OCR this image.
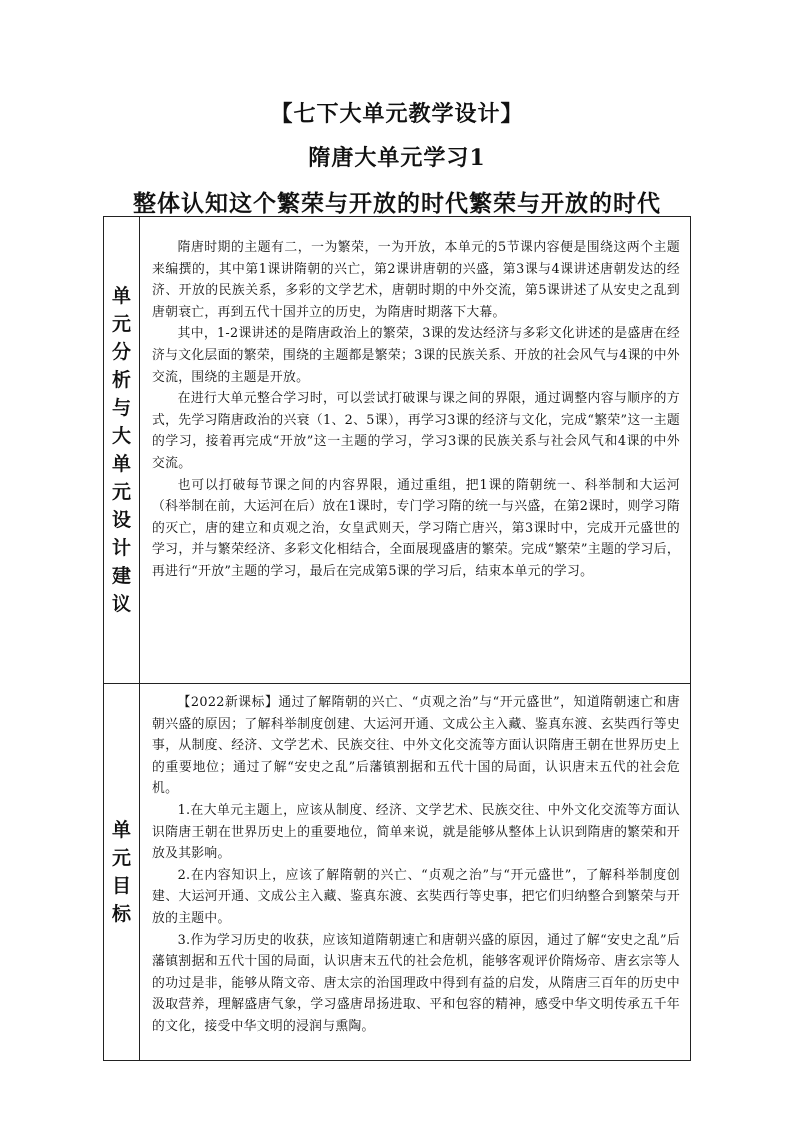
【七下大单元教学设计】
隋唐大单元学习1
整体认知这个繁荣与开放的时代繁荣与开放的时代
单元分析与大单元设计建议	隋唐时期的主题有二，一为繁荣，一为开放，本单元的5节课内容便是围绕这两个主题来编撰的，其中第1课讲隋朝的兴亡，第2课讲唐朝的兴盛，第3课与4课讲述唐朝发达的经济、开放的民族关系，多彩的文学艺术，唐朝时期的中外交流，第5课讲述了从安史之乱到唐朝衰亡，再到五代十国并立的历史，为隋唐时期落下大幕。

其中，1-2课讲述的是隋唐政治上的繁荣，3课的发达经济与多彩文化讲述的是盛唐在经济与文化层面的繁荣，围绕的主题都是繁荣；3课的民族关系、开放的社会风气与4课的中外交流，围绕的主题是开放。

在进行大单元整合学习时，可以尝试打破课与课之间的界限，通过调整内容与顺序的方式，先学习隋唐政治的兴衰（1、2、5课），再学习3课的经济与文化，完成“繁荣”这一主题的学习，接着再完成“开放”这一主题的学习，学习3课的民族关系与社会风气和4课的中外交流。

也可以打破每节课之间的内容界限，通过重组，把1课的隋朝统一、科举制和大运河（科举制在前，大运河在后）放在1课时，专门学习隋的统一与兴盛，在第2课时，则学习隋的灭亡，唐的建立和贞观之治，女皇武则天，学习隋亡唐兴，第3课时中，完成开元盛世的学习，并与繁荣经济、多彩文化相结合，全面展现盛唐的繁荣。完成“繁荣”主题的学习后，再进行“开放”主题的学习，最后在完成第5课的学习后，结束本单元的学习。

单元目标	【2022新课标】通过了解隋朝的兴亡、“贞观之治”与“开元盛世”，知道隋朝速亡和唐朝兴盛的原因；了解科举制度创建、大运河开通、文成公主入藏、鉴真东渡、玄奘西行等史事，从制度、经济、文学艺术、民族交往、中外文化交流等方面认识隋唐王朝在世界历史上的重要地位；通过了解“安史之乱”后藩镇割据和五代十国的局面，认识唐末五代的社会危机。

1.在大单元主题上，应该从制度、经济、文学艺术、民族交往、中外文化交流等方面认识隋唐王朝在世界历史上的重要地位，简单来说，就是能够从整体上认识到隋唐的繁荣和开放及其影响。

2.在内容知识上，应该了解隋朝的兴亡、“贞观之治”与“开元盛世”，了解科举制度创建、大运河开通、文成公主入藏、鉴真东渡、玄奘西行等史事，把它们归纳整合到繁荣与开放的主题中。

3.作为学习历史的收获，应该知道隋朝速亡和唐朝兴盛的原因，通过了解“安史之乱”后藩镇割据和五代十国的局面，认识唐末五代的社会危机，能够客观评价隋炀帝、唐玄宗等人的功过是非，能够从隋文帝、唐太宗的治国理政中得到有益的启发，从隋唐三百年的历史中汲取营养，理解盛唐气象，学习盛唐昂扬进取、平和包容的精神，感受中华文明传承五千年的文化，接受中华文明的浸润与熏陶。
